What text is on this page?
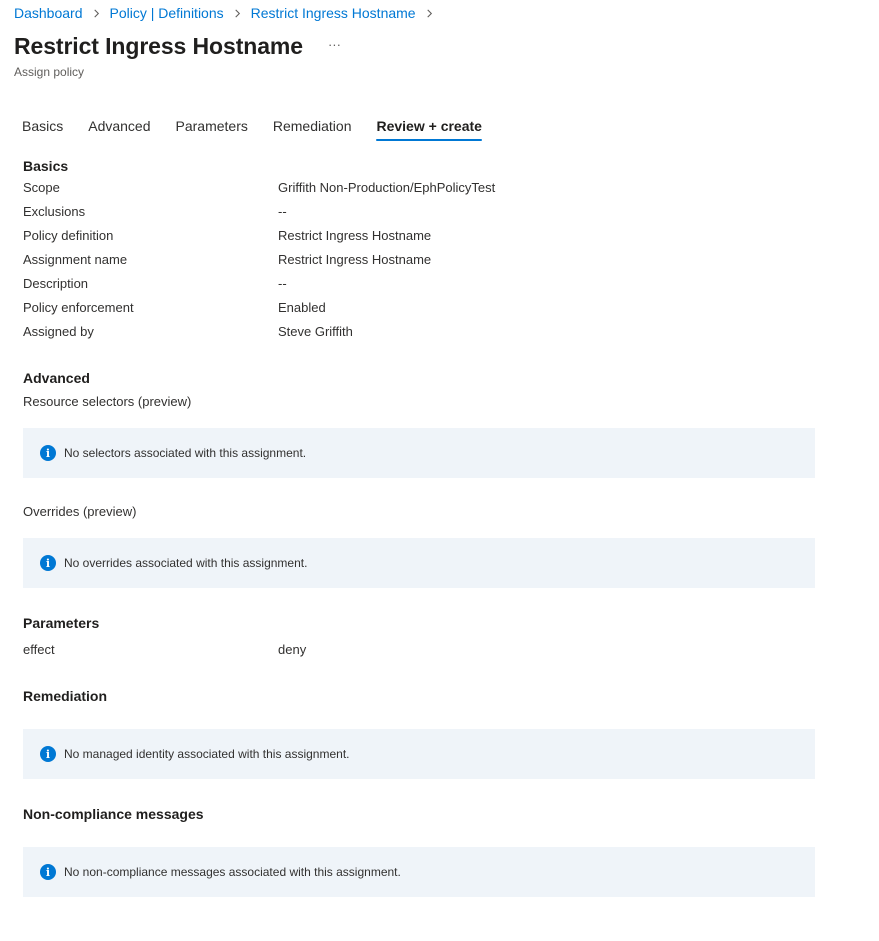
Dashboard Policy | Definitions Restrict Ingress Hostname
Restrict Ingress Hostname ···
Assign policy
Basics Advanced Parameters Remediation Review + create
Basics
Scope	Griffith Non-Production/EphPolicyTest
Exclusions	--
Policy definition	Restrict Ingress Hostname
Assignment name	Restrict Ingress Hostname
Description	--
Policy enforcement	Enabled
Assigned by	Steve Griffith
Advanced
Resource selectors (preview)
i	No selectors associated with this assignment.
Overrides (preview)
i	No overrides associated with this assignment.
Parameters
effect	deny
Remediation
i	No managed identity associated with this assignment.
Non-compliance messages
i	No non-compliance messages associated with this assignment.
